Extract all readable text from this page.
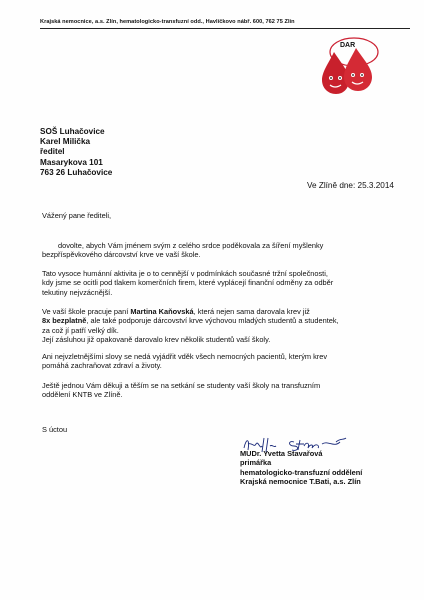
Krajská nemocnice, a.s. Zlín, hematologicko-transfuzní odd., Havlíčkovo nábř. 600, 762 75 Zlín
DAR
SOŠ Luhačovice
Karel Milička
ředitel
Masarykova 101
763 26 Luhačovice
Ve Zlíně dne: 25.3.2014
Vážený pane řediteli,
dovolte, abych Vám jménem svým z celého srdce poděkovala za šíření myšlenky
bezpříspěvkového dárcovství krve ve vaší škole.
Tato vysoce humánní aktivita je o to cennější v podmínkách současné tržní společnosti,
kdy jsme se ocitli pod tlakem komerčních firem, které vyplácejí finanční odměny za odběr
tekutiny nejvzácnější.
Ve vaší škole pracuje paní Martina Kaňovská, která nejen sama darovala krev již
8x bezplatně, ale také podporuje dárcovství krve výchovou mladých studentů a studentek,
za což jí patří velký dík.
Její zásluhou již opakovaně darovalo krev několik studentů vaší školy.
Ani nejvzletnějšími slovy se nedá vyjádřit vděk všech nemocných pacientů, kterým krev
pomáhá zachraňovat zdraví a životy.
Ještě jednou Vám děkuji a těším se na setkání se studenty vaší školy na transfuzním
oddělení KNTB ve Zlíně.
S úctou
MUDr. Yvetta Stavařová
primářka
hematologicko-transfuzní oddělení
Krajská nemocnice T.Bati, a.s. Zlín
